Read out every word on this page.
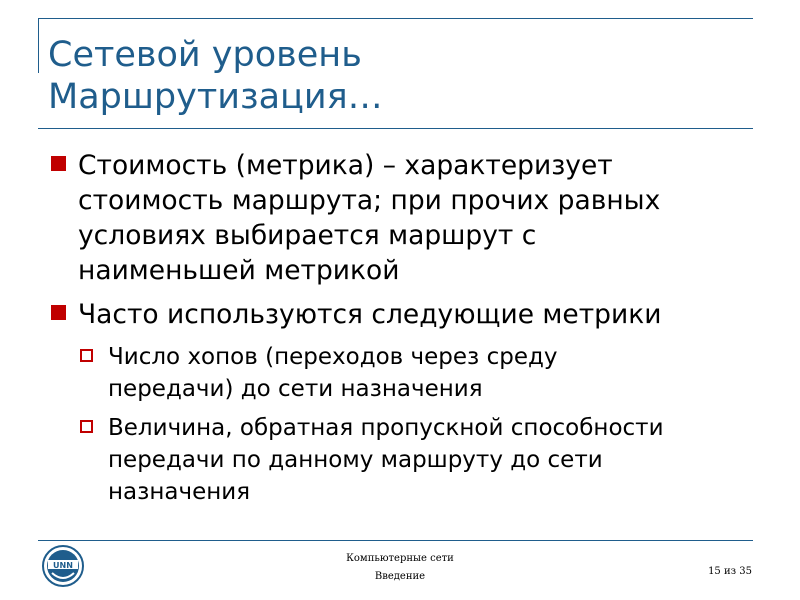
Сетевой уровень
Маршрутизация…
Стоимость (метрика) – характеризует
стоимость маршрута; при прочих равных
условиях выбирается маршрут с
наименьшей метрикой
Часто используются следующие метрики
Число хопов (переходов через среду
передачи) до сети назначения
Величина, обратная пропускной способности
передачи по данному маршруту до сети
назначения
UNN
Компьютерные сети
Введение	15 из 35
